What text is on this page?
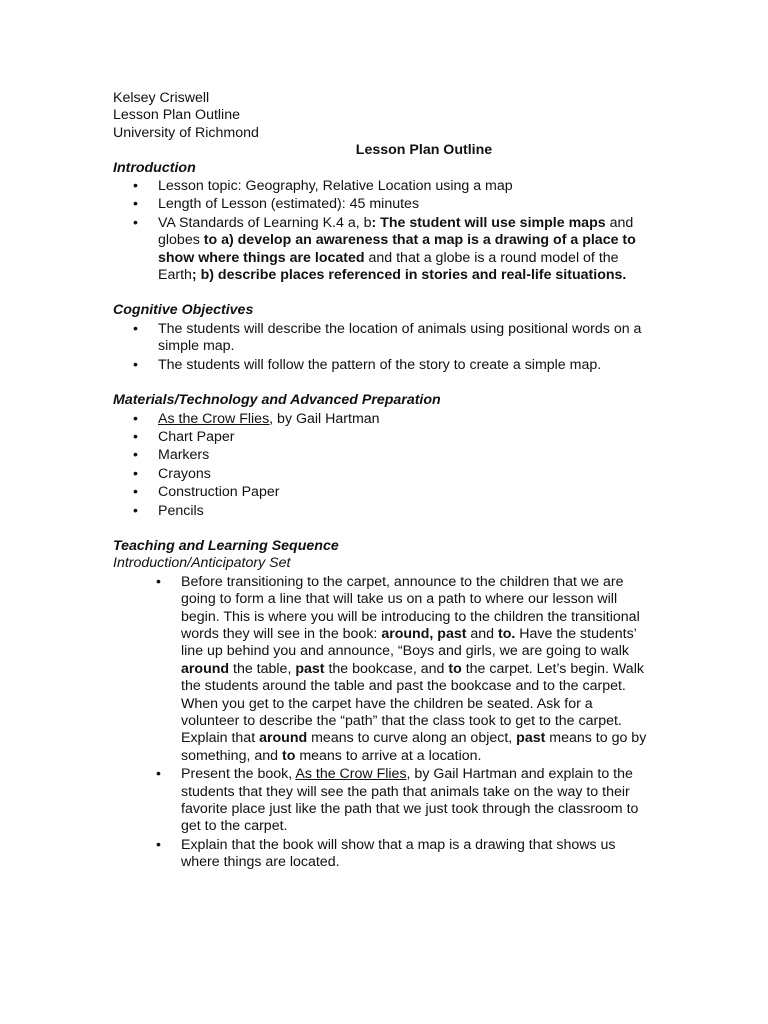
Kelsey Criswell
Lesson Plan Outline
University of Richmond
Lesson Plan Outline
Introduction
• Lesson topic: Geography, Relative Location using a map
• Length of Lesson (estimated): 45 minutes
• VA Standards of Learning K.4 a, b: The student will use simple maps and globes to a) develop an awareness that a map is a drawing of a place to show where things are located and that a globe is a round model of the Earth; b) describe places referenced in stories and real-life situations.
Cognitive Objectives
• The students will describe the location of animals using positional words on a simple map.
• The students will follow the pattern of the story to create a simple map.
Materials/Technology and Advanced Preparation
• As the Crow Flies, by Gail Hartman
• Chart Paper
• Markers
• Crayons
• Construction Paper
• Pencils
Teaching and Learning Sequence
Introduction/Anticipatory Set
• Before transitioning to the carpet, announce to the children that we are going to form a line that will take us on a path to where our lesson will begin. This is where you will be introducing to the children the transitional words they will see in the book: around, past and to. Have the students’ line up behind you and announce, “Boys and girls, we are going to walk around the table, past the bookcase, and to the carpet. Let’s begin. Walk the students around the table and past the bookcase and to the carpet. When you get to the carpet have the children be seated. Ask for a volunteer to describe the “path” that the class took to get to the carpet. Explain that around means to curve along an object, past means to go by something, and to means to arrive at a location.
• Present the book, As the Crow Flies, by Gail Hartman and explain to the students that they will see the path that animals take on the way to their favorite place just like the path that we just took through the classroom to get to the carpet.
• Explain that the book will show that a map is a drawing that shows us where things are located.
